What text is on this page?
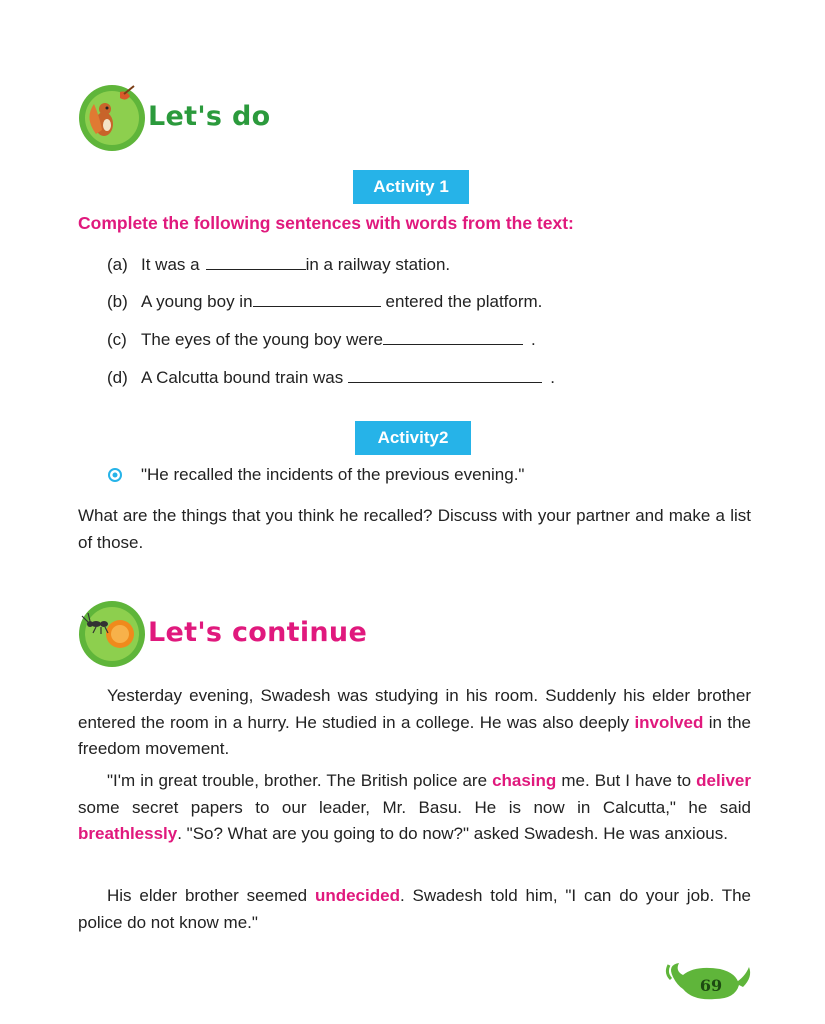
Let's do
Activity 1
Complete the following sentences with words from the text:
(a) It was a	in a railway station.
(b) A young boy in	entered the platform.
(c) The eyes of the young boy were	.
(d) A Calcutta bound train was	.
Activity2
"He recalled the incidents of the previous evening."

What are the things that you think he recalled? Discuss with your partner and make a list of those.

Let's continue

Yesterday evening, Swadesh was studying in his room. Suddenly his elder brother entered the room in a hurry. He studied in a college. He was also deeply involved in the freedom movement.

"I'm in great trouble, brother. The British police are chasing me. But I have to deliver some secret papers to our leader, Mr. Basu. He is now in Calcutta," he said breathlessly. "So? What are you going to do now?" asked Swadesh. He was anxious.

His elder brother seemed undecided. Swadesh told him, "I can do your job. The police do not know me."

69
